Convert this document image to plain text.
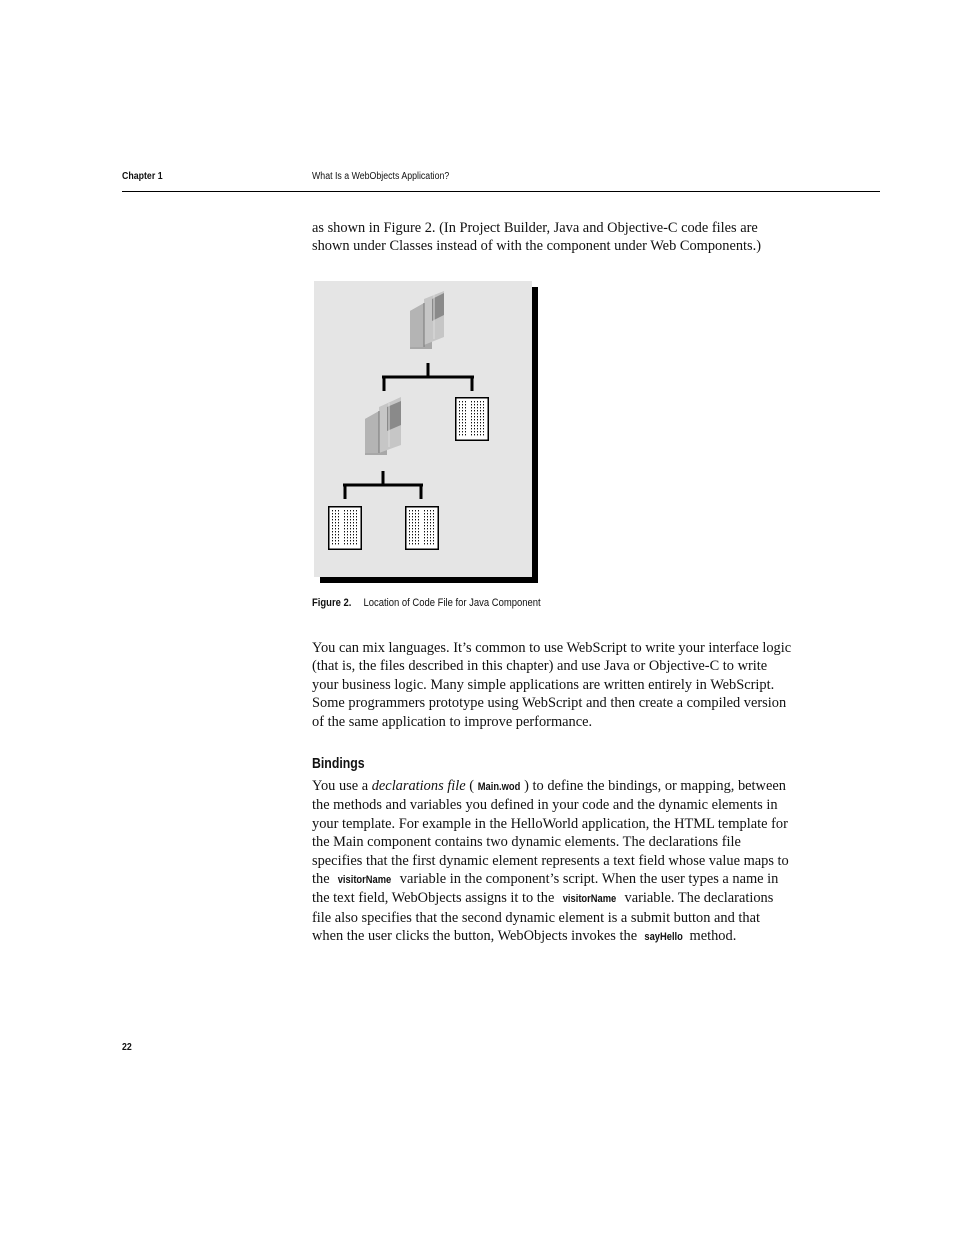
Chapter 1	What Is a WebObjects Application?

as shown in Figure 2. (In Project Builder, Java and Objective-C code files are shown under Classes instead of with the component under Web Components.)

Figure 2. Location of Code File for Java Component

You can mix languages. It’s common to use WebScript to write your interface logic (that is, the files described in this chapter) and use Java or Objective-C to write your business logic. Many simple applications are written entirely in WebScript. Some programmers prototype using WebScript and then create a compiled version of the same application to improve performance.

Bindings

You use a declarations file ( Main.wod ) to define the bindings, or mapping, between the methods and variables you defined in your code and the dynamic elements in your template. For example in the HelloWorld application, the HTML template for the Main component contains two dynamic elements. The declarations file specifies that the first dynamic element represents a text field whose value maps to the visitorName variable in the component’s script. When the user types a name in the text field, WebObjects assigns it to the visitorName variable. The declarations file also specifies that the second dynamic element is a submit button and that when the user clicks the button, WebObjects invokes the sayHello method.

22
